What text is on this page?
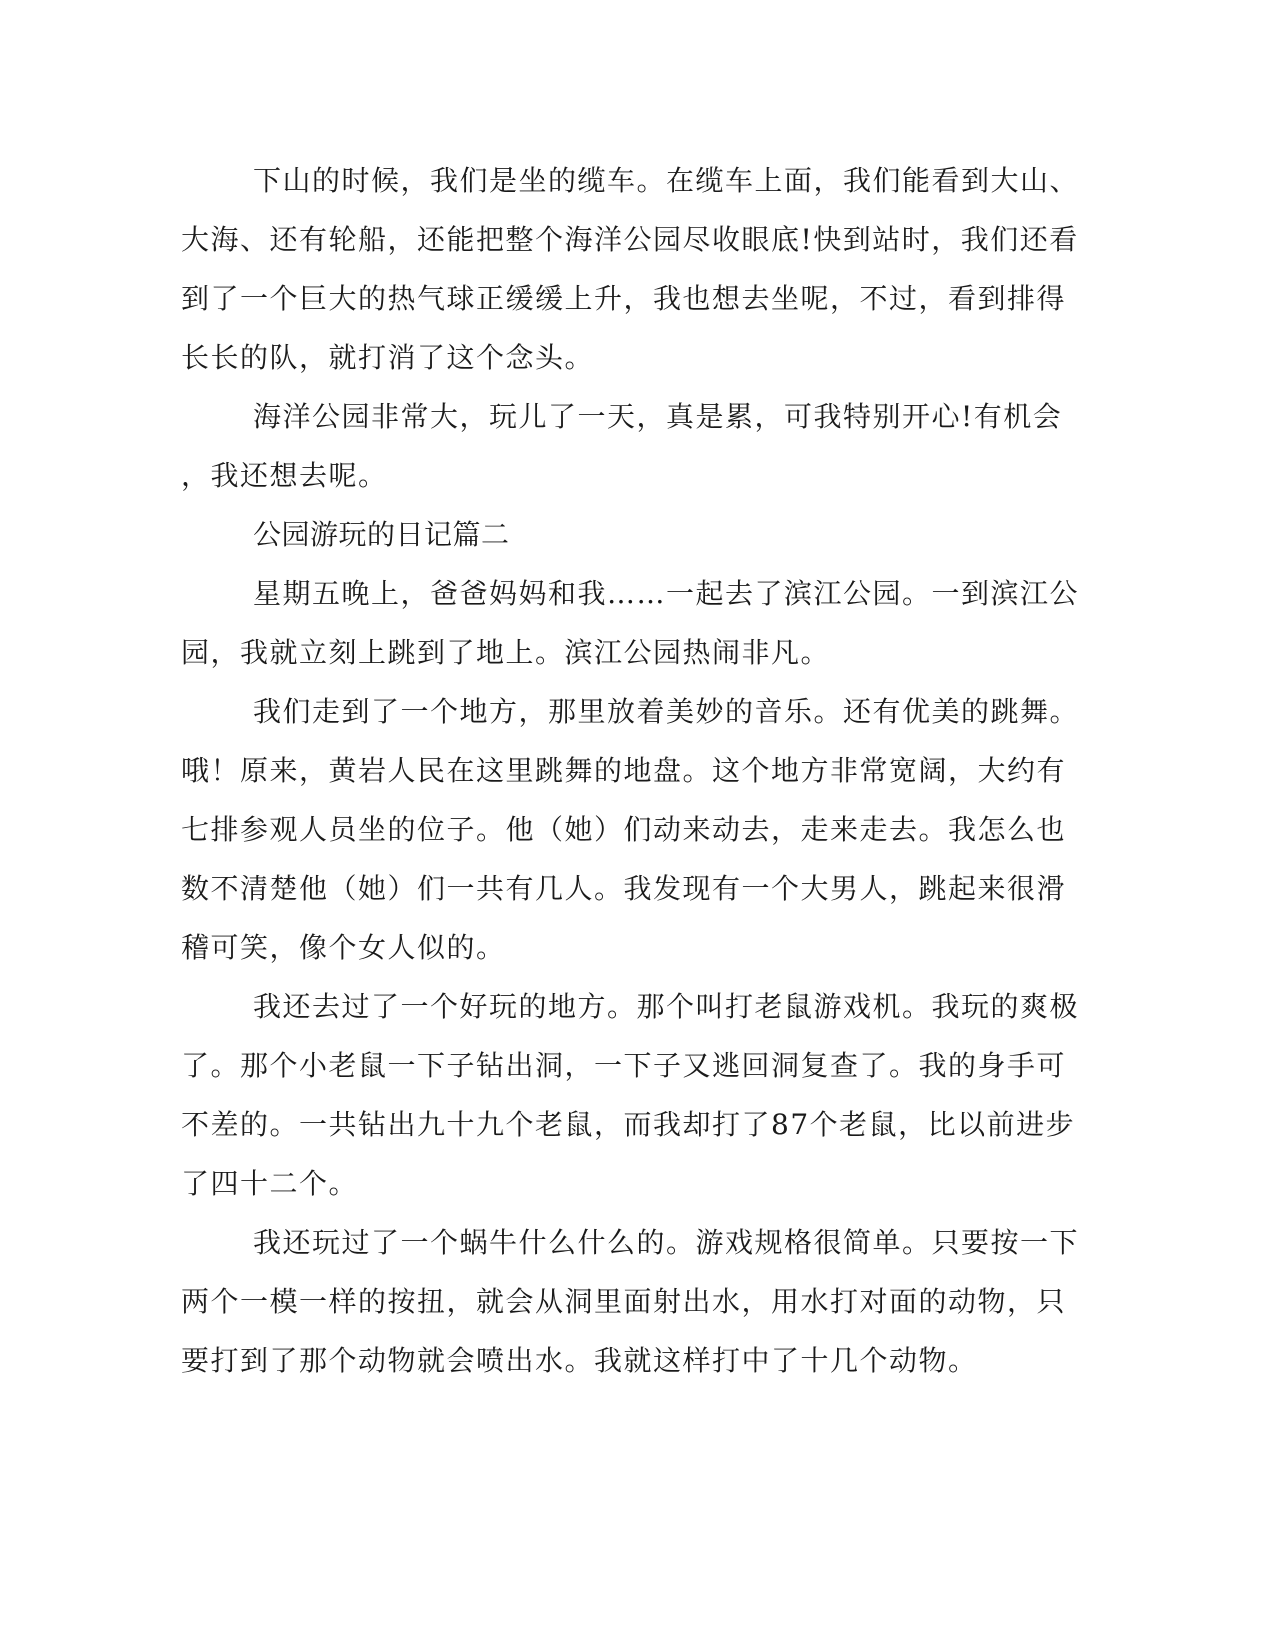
下山的时候，我们是坐的缆车。在缆车上面，我们能看到大山、
大海、还有轮船，还能把整个海洋公园尽收眼底!快到站时，我们还看
到了一个巨大的热气球正缓缓上升，我也想去坐呢，不过，看到排得
长长的队，就打消了这个念头。
海洋公园非常大，玩儿了一天，真是累，可我特别开心!有机会
，我还想去呢。
公园游玩的日记篇二
星期五晚上，爸爸妈妈和我……一起去了滨江公园。一到滨江公
园，我就立刻上跳到了地上。滨江公园热闹非凡。
我们走到了一个地方，那里放着美妙的音乐。还有优美的跳舞。
哦！原来，黄岩人民在这里跳舞的地盘。这个地方非常宽阔，大约有
七排参观人员坐的位子。他（她）们动来动去，走来走去。我怎么也
数不清楚他（她）们一共有几人。我发现有一个大男人，跳起来很滑
稽可笑，像个女人似的。
我还去过了一个好玩的地方。那个叫打老鼠游戏机。我玩的爽极
了。那个小老鼠一下子钻出洞，一下子又逃回洞复查了。我的身手可
不差的。一共钻出九十九个老鼠，而我却打了87个老鼠，比以前进步
了四十二个。
我还玩过了一个蜗牛什么什么的。游戏规格很简单。只要按一下
两个一模一样的按扭，就会从洞里面射出水，用水打对面的动物，只
要打到了那个动物就会喷出水。我就这样打中了十几个动物。
